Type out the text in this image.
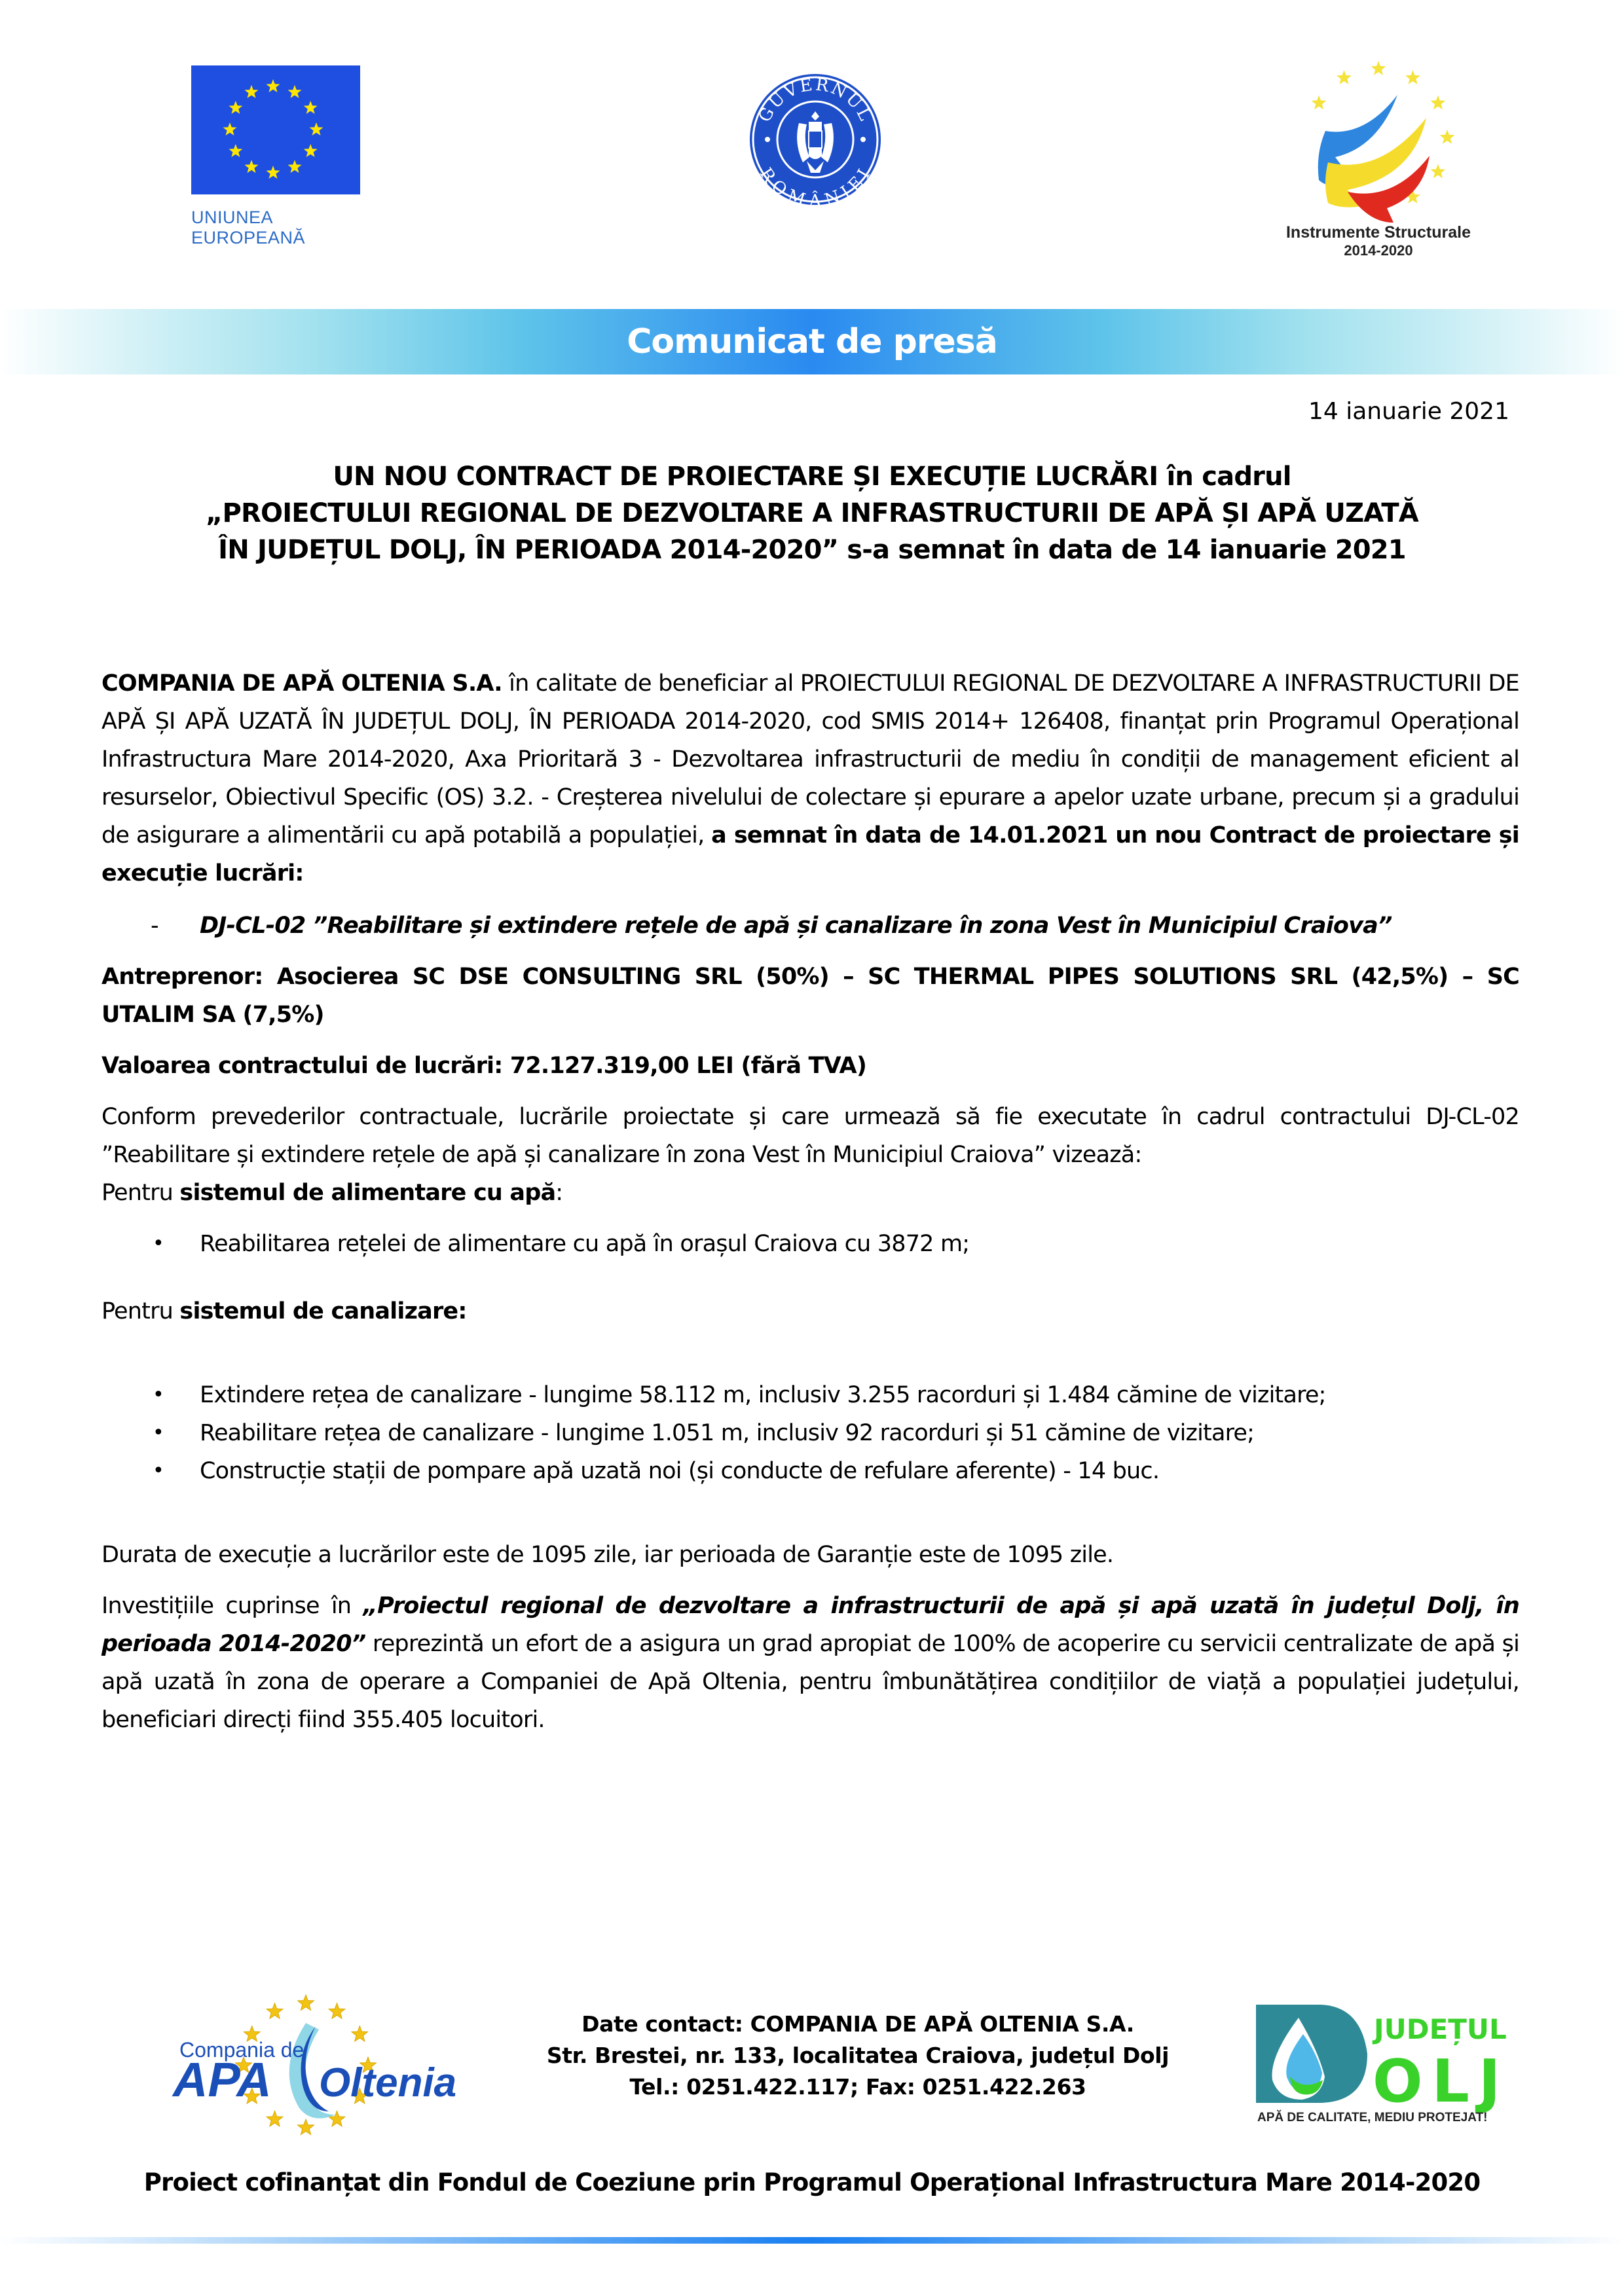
UNIUNEA EUROPEANĂ
GUVERNUL
ROMÂNIEI
Instrumente Structurale
2014-2020
Comunicat de presă
14 ianuarie 2021
UN NOU CONTRACT DE PROIECTARE ȘI EXECUȚIE LUCRĂRI în cadrul
„PROIECTULUI REGIONAL DE DEZVOLTARE A INFRASTRUCTURII DE APĂ ȘI APĂ UZATĂ
ÎN JUDEȚUL DOLJ, ÎN PERIOADA 2014-2020” s-a semnat în data de 14 ianuarie 2021

COMPANIA DE APĂ OLTENIA S.A. în calitate de beneficiar al PROIECTULUI REGIONAL DE DEZVOLTARE A INFRASTRUCTURII DE APĂ ȘI APĂ UZATĂ ÎN JUDEȚUL DOLJ, ÎN PERIOADA 2014-2020, cod SMIS 2014+ 126408, finanțat prin Programul Operațional Infrastructura Mare 2014-2020, Axa Prioritară 3 - Dezvoltarea infrastructurii de mediu în condiții de management eficient al resurselor, Obiectivul Specific (OS) 3.2. - Creșterea nivelului de colectare și epurare a apelor uzate urbane, precum și a gradului de asigurare a alimentării cu apă potabilă a populației, a semnat în data de 14.01.2021 un nou Contract de proiectare și execuție lucrări:

-	DJ-CL-02 ”Reabilitare și extindere rețele de apă și canalizare în zona Vest în Municipiul Craiova”

Antreprenor: Asocierea SC DSE CONSULTING SRL (50%) – SC THERMAL PIPES SOLUTIONS SRL (42,5%) – SC UTALIM SA (7,5%)

Valoarea contractului de lucrări: 72.127.319,00 LEI (fără TVA)

Conform prevederilor contractuale, lucrările proiectate și care urmează să fie executate în cadrul contractului DJ-CL-02 ”Reabilitare și extindere rețele de apă și canalizare în zona Vest în Municipiul Craiova” vizează:

Pentru sistemul de alimentare cu apă:

•	Reabilitarea rețelei de alimentare cu apă în orașul Craiova cu 3872 m;

Pentru sistemul de canalizare:

•	Extindere rețea de canalizare - lungime 58.112 m, inclusiv 3.255 racorduri și 1.484 cămine de vizitare;
•	Reabilitare rețea de canalizare - lungime 1.051 m, inclusiv 92 racorduri și 51 cămine de vizitare;
•	Construcție stații de pompare apă uzată noi (și conducte de refulare aferente) - 14 buc.

Durata de execuție a lucrărilor este de 1095 zile, iar perioada de Garanție este de 1095 zile.

Investițiile cuprinse în „Proiectul regional de dezvoltare a infrastructurii de apă și apă uzată în județul Dolj, în perioada 2014-2020” reprezintă un efort de a asigura un grad apropiat de 100% de acoperire cu servicii centralizate de apă și apă uzată în zona de operare a Companiei de Apă Oltenia, pentru îmbunătățirea condițiilor de viață a populației județului, beneficiari direcți fiind 355.405 locuitori.

Compania de
APA Oltenia
Date contact: COMPANIA DE APĂ OLTENIA S.A.
Str. Brestei, nr. 133, localitatea Craiova, județul Dolj
Tel.: 0251.422.117; Fax: 0251.422.263
JUDEȚUL
OLJ
APĂ DE CALITATE, MEDIU PROTEJAT!
Proiect cofinanțat din Fondul de Coeziune prin Programul Operațional Infrastructura Mare 2014-2020
